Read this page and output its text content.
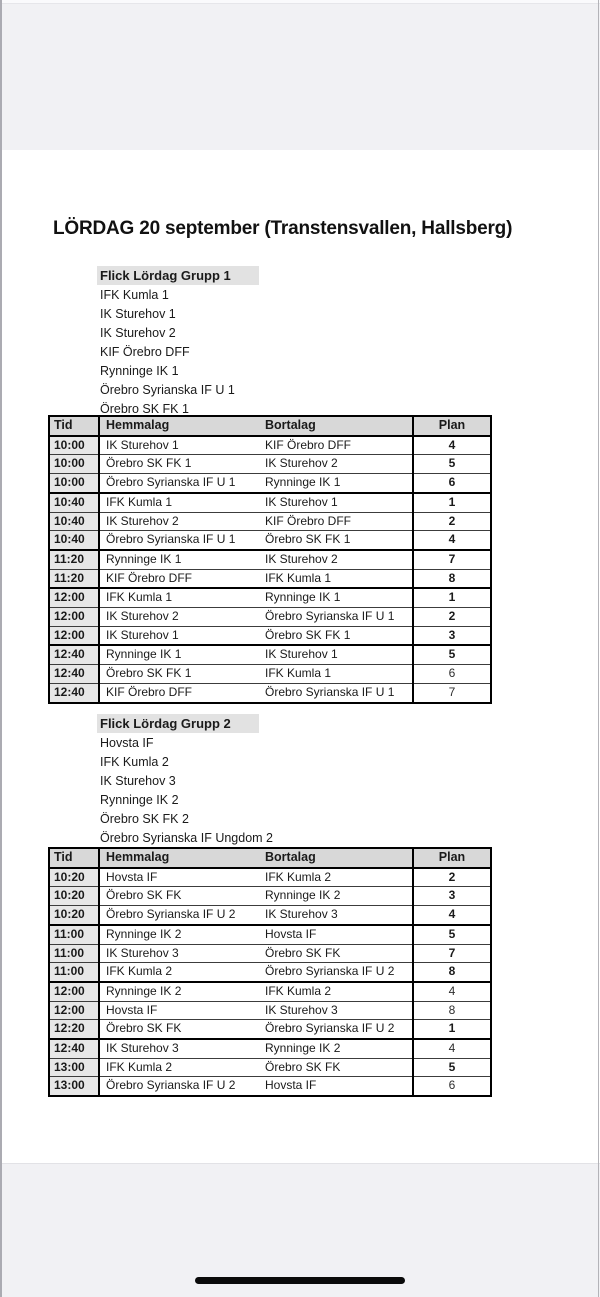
LÖRDAG 20 september (Transtensvallen, Hallsberg)
Flick Lördag Grupp 1
IFK Kumla 1
IK Sturehov 1
IK Sturehov 2
KIF Örebro DFF
Rynninge IK 1
Örebro Syrianska IF U 1
Örebro SK FK 1
Tid	Hemmalag	Bortalag	Plan
10:00	IK Sturehov 1	KIF Örebro DFF	4
10:00	Örebro SK FK 1	IK Sturehov 2	5
10:00	Örebro Syrianska IF U 1	Rynninge IK 1	6
10:40	IFK Kumla 1	IK Sturehov 1	1
10:40	IK Sturehov 2	KIF Örebro DFF	2
10:40	Örebro Syrianska IF U 1	Örebro SK FK 1	4
11:20	Rynninge IK 1	IK Sturehov 2	7
11:20	KIF Örebro DFF	IFK Kumla 1	8
12:00	IFK Kumla 1	Rynninge IK 1	1
12:00	IK Sturehov 2	Örebro Syrianska IF U 1	2
12:00	IK Sturehov 1	Örebro SK FK 1	3
12:40	Rynninge IK 1	IK Sturehov 1	5
12:40	Örebro SK FK 1	IFK Kumla 1	6
12:40	KIF Örebro DFF	Örebro Syrianska IF U 1	7
Flick Lördag Grupp 2
Hovsta IF
IFK Kumla 2
IK Sturehov 3
Rynninge IK 2
Örebro SK FK 2
Örebro Syrianska IF Ungdom 2
Tid	Hemmalag	Bortalag	Plan
10:20	Hovsta IF	IFK Kumla 2	2
10:20	Örebro SK FK	Rynninge IK 2	3
10:20	Örebro Syrianska IF U 2	IK Sturehov 3	4
11:00	Rynninge IK 2	Hovsta IF	5
11:00	IK Sturehov 3	Örebro SK FK	7
11:00	IFK Kumla 2	Örebro Syrianska IF U 2	8
12:00	Rynninge IK 2	IFK Kumla 2	4
12:00	Hovsta IF	IK Sturehov 3	8
12:20	Örebro SK FK	Örebro Syrianska IF U 2	1
12:40	IK Sturehov 3	Rynninge IK 2	4
13:00	IFK Kumla 2	Örebro SK FK	5
13:00	Örebro Syrianska IF U 2	Hovsta IF	6
